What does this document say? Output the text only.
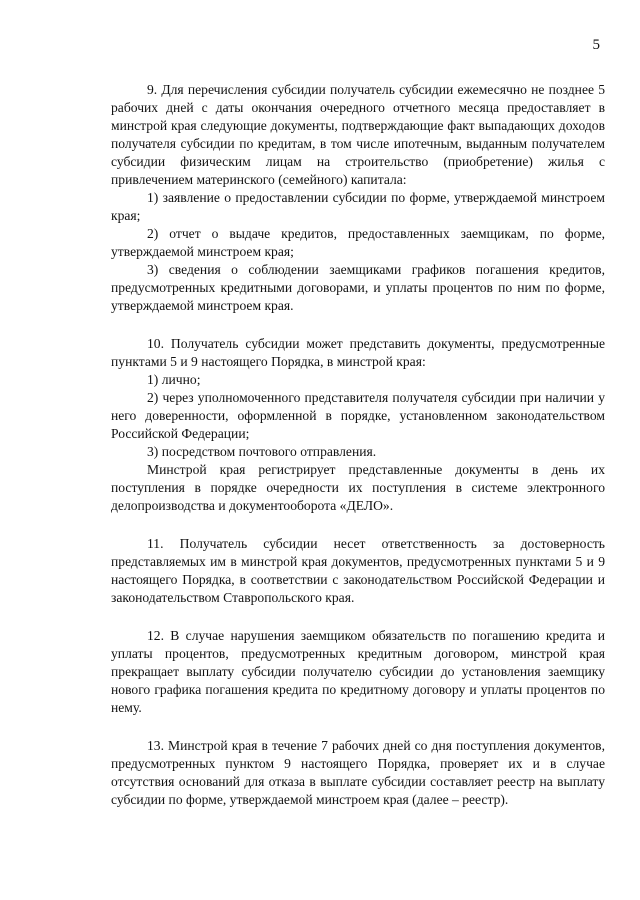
5

9. Для перечисления субсидии получатель субсидии ежемесячно не позднее 5 рабочих дней с даты окончания очередного отчетного месяца предоставляет в минстрой края следующие документы, подтверждающие факт выпадающих доходов получателя субсидии по кредитам, в том числе ипотечным, выданным получателем субсидии физическим лицам на строительство (приобретение) жилья с привлечением материнского (семейного) капитала:

1) заявление о предоставлении субсидии по форме, утверждаемой минстроем края;

2) отчет о выдаче кредитов, предоставленных заемщикам, по форме, утверждаемой минстроем края;

3) сведения о соблюдении заемщиками графиков погашения кредитов, предусмотренных кредитными договорами, и уплаты процентов по ним по форме, утверждаемой минстроем края.

10. Получатель субсидии может представить документы, предусмотренные пунктами 5 и 9 настоящего Порядка, в минстрой края:

1) лично;

2) через уполномоченного представителя получателя субсидии при наличии у него доверенности, оформленной в порядке, установленном законодательством Российской Федерации;

3) посредством почтового отправления.

Минстрой края регистрирует представленные документы в день их поступления в порядке очередности их поступления в системе электронного делопроизводства и документооборота «ДЕЛО».

11. Получатель субсидии несет ответственность за достоверность представляемых им в минстрой края документов, предусмотренных пунктами 5 и 9 настоящего Порядка, в соответствии с законодательством Российской Федерации и законодательством Ставропольского края.

12. В случае нарушения заемщиком обязательств по погашению кредита и уплаты процентов, предусмотренных кредитным договором, минстрой края прекращает выплату субсидии получателю субсидии до установления заемщику нового графика погашения кредита по кредитному договору и уплаты процентов по нему.

13. Минстрой края в течение 7 рабочих дней со дня поступления документов, предусмотренных пунктом 9 настоящего Порядка, проверяет их и в случае отсутствия оснований для отказа в выплате субсидии составляет реестр на выплату субсидии по форме, утверждаемой минстроем края (далее – реестр).
